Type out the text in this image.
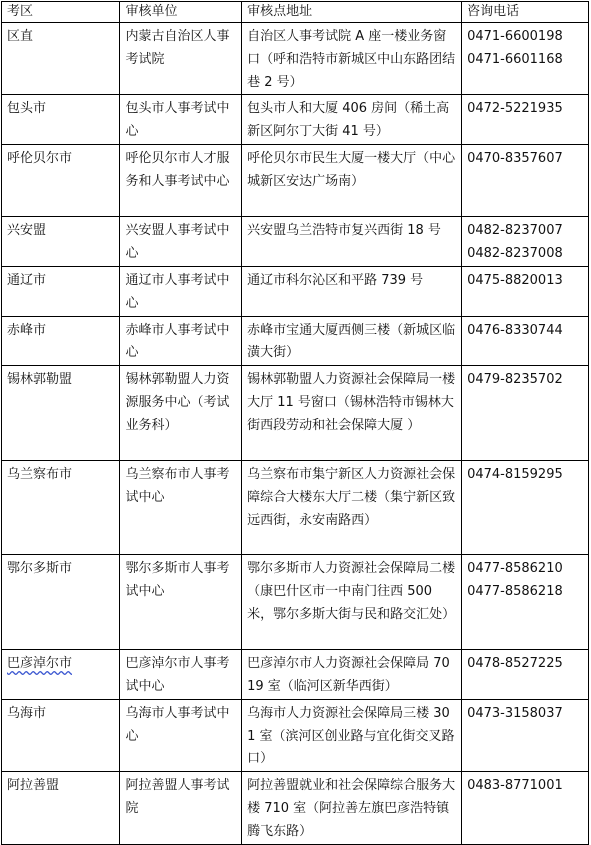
考区	审核单位	审核点地址	咨询电话
区直	内蒙古自治区人事考试院	自治区人事考试院 A 座一楼业务窗口（呼和浩特市新城区中山东路团结巷 2 号）	0471-6600198
0471-6601168

包头市	包头市人事考试中心	包头市人和大厦 406 房间（稀土高新区阿尔丁大街 41 号）	0472-5221935

呼伦贝尔市	呼伦贝尔市人才服务和人事考试中心	呼伦贝尔市民生大厦一楼大厅（中心城新区安达广场南）	0470-8357607

兴安盟	兴安盟人事考试中心	兴安盟乌兰浩特市复兴西街 18 号	0482-8237007
0482-8237008

通辽市	通辽市人事考试中心	通辽市科尔沁区和平路 739 号	0475-8820013

赤峰市	赤峰市人事考试中心	赤峰市宝通大厦西侧三楼（新城区临潢大街）	0476-8330744

锡林郭勒盟	锡林郭勒盟人力资源服务中心（考试业务科）	锡林郭勒盟人力资源社会保障局一楼大厅 11 号窗口（锡林浩特市锡林大街西段劳动和社会保障大厦 ）	0479-8235702

乌兰察布市	乌兰察布市人事考试中心	乌兰察布市集宁新区人力资源社会保障综合大楼东大厅二楼（集宁新区致远西街，永安南路西）	0474-8159295

鄂尔多斯市	鄂尔多斯市人事考试中心	鄂尔多斯市人力资源社会保障局二楼（康巴什区市一中南门往西 500 米，鄂尔多斯大街与民和路交汇处）	0477-8586210
0477-8586218

巴彦淖尔市	巴彦淖尔市人事考试中心	巴彦淖尔市人力资源社会保障局 7019 室（临河区新华西街）	0478-8527225

乌海市	乌海市人事考试中心	乌海市人力资源社会保障局三楼 301 室（滨河区创业路与宜化街交叉路口）	0473-3158037

阿拉善盟	阿拉善盟人事考试院	阿拉善盟就业和社会保障综合服务大楼 710 室（阿拉善左旗巴彦浩特镇腾飞东路）	0483-8771001
